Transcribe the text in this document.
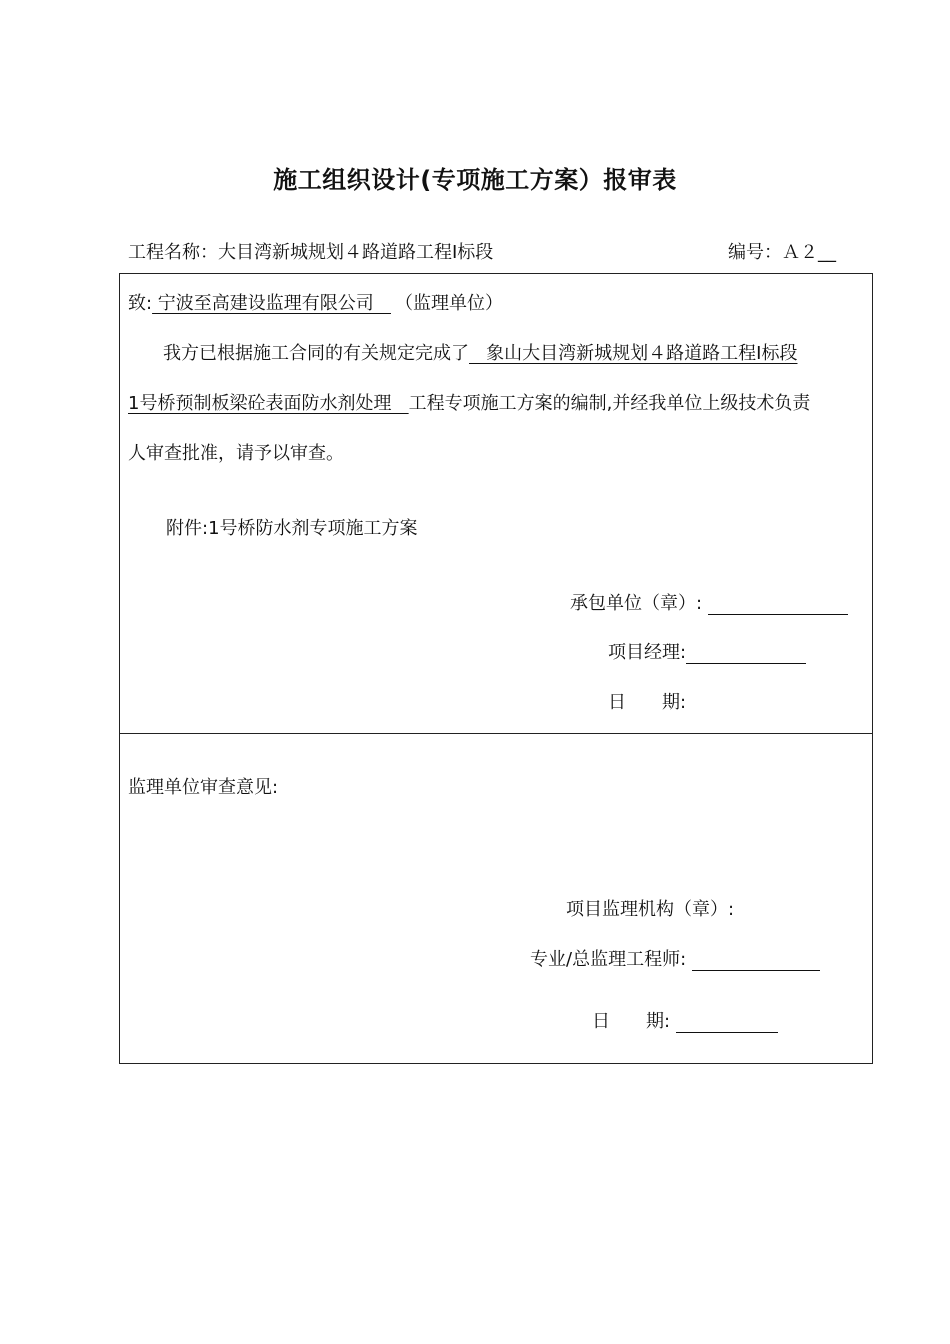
施工组织设计(专项施工方案）报审表
工程名称：大目湾新城规划４路道路工程Ⅰ标段	编号：Ａ２__
致: 宁波至高建设监理有限公司   （监理单位）
我方已根据施工合同的有关规定完成了   象山大目湾新城规划４路道路工程Ⅰ标段
1号桥预制板梁砼表面防水剂处理   工程专项施工方案的编制,并经我单位上级技术负责
人审查批准，请予以审查。
附件:1号桥防水剂专项施工方案
承包单位（章）:
项目经理:
日　　期:
监理单位审查意见:
项目监理机构（章）:
专业/总监理工程师:
日　　期:
